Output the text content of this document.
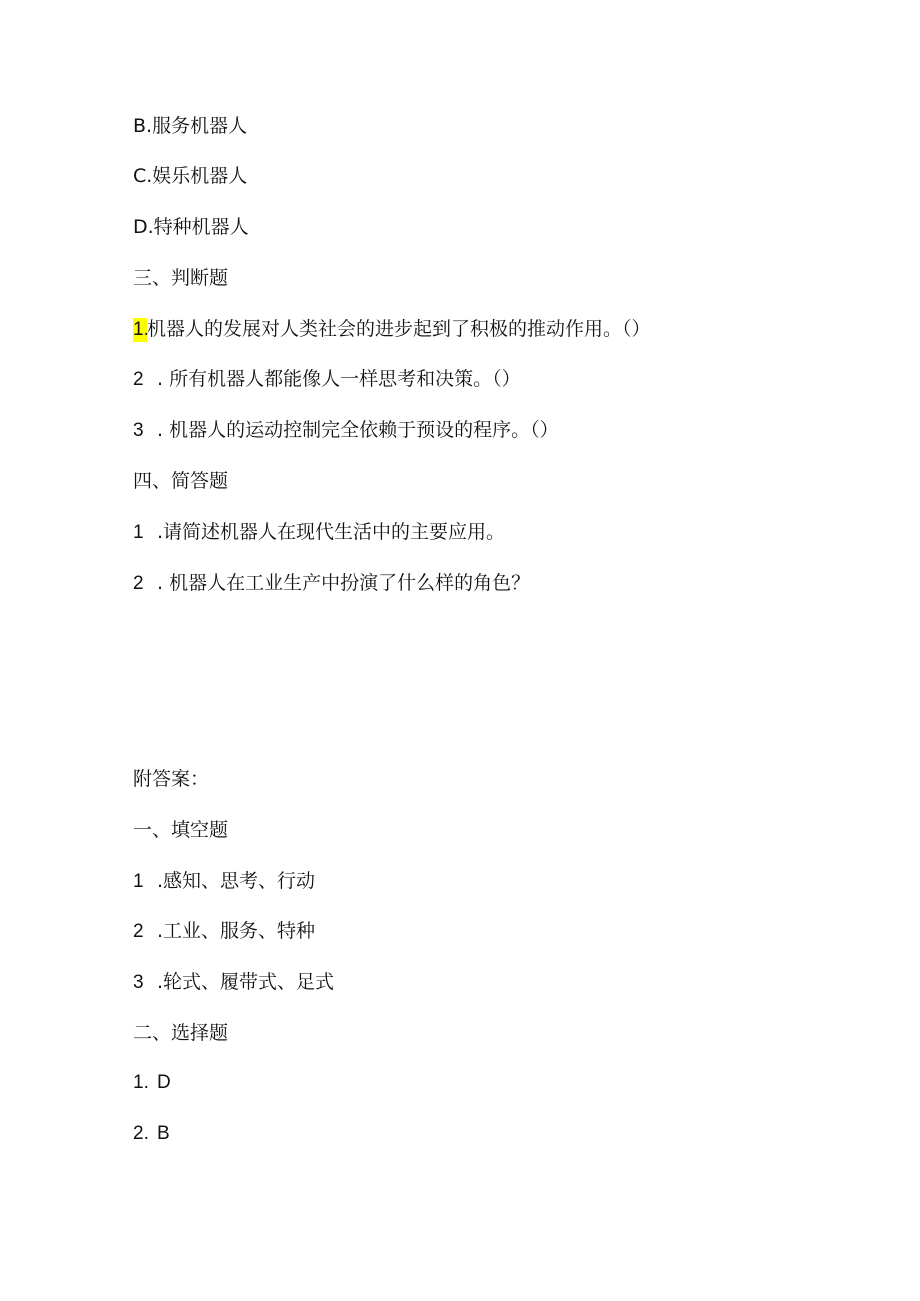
B.服务机器人
C.娱乐机器人
D.特种机器人
三、判断题
1.机器人的发展对人类社会的进步起到了积极的推动作用。（）
2 . 所有机器人都能像人一样思考和决策。（）
3 . 机器人的运动控制完全依赖于预设的程序。（）
四、简答题
1 .请简述机器人在现代生活中的主要应用。
2 . 机器人在工业生产中扮演了什么样的角色？
附答案：
一、填空题
1 .感知、思考、行动
2 .工业、服务、特种
3 .轮式、履带式、足式
二、选择题
1. D
2. B
